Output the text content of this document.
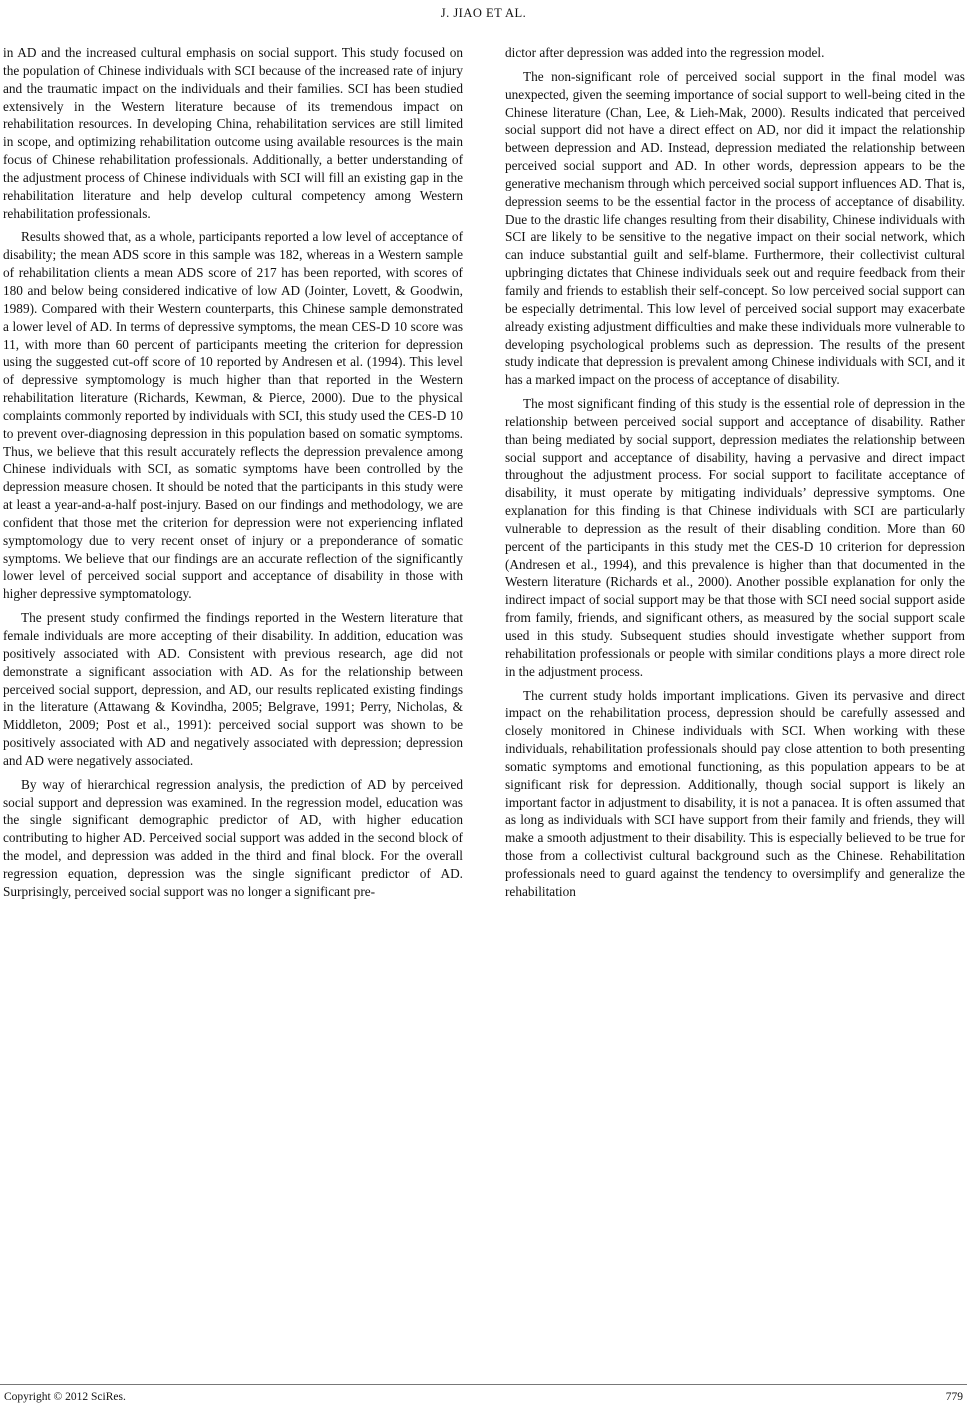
J. JIAO ET AL.

in AD and the increased cultural emphasis on social support. This study focused on the population of Chinese individuals with SCI because of the increased rate of injury and the traumatic impact on the individuals and their families. SCI has been studied extensively in the Western literature because of its tremendous impact on rehabilitation resources. In developing China, rehabilitation services are still limited in scope, and optimizing rehabilitation outcome using available resources is the main focus of Chinese rehabilitation professionals. Additionally, a better understanding of the adjustment process of Chinese individuals with SCI will fill an existing gap in the rehabilitation literature and help develop cultural competency among Western rehabilitation professionals.

Results showed that, as a whole, participants reported a low level of acceptance of disability; the mean ADS score in this sample was 182, whereas in a Western sample of rehabilitation clients a mean ADS score of 217 has been reported, with scores of 180 and below being considered indicative of low AD (Jointer, Lovett, & Goodwin, 1989). Compared with their Western counterparts, this Chinese sample demonstrated a lower level of AD. In terms of depressive symptoms, the mean CES-D 10 score was 11, with more than 60 percent of participants meeting the criterion for depression using the suggested cut-off score of 10 reported by Andresen et al. (1994). This level of depressive symptomology is much higher than that reported in the Western rehabilitation literature (Richards, Kewman, & Pierce, 2000). Due to the physical complaints commonly reported by individuals with SCI, this study used the CES-D 10 to prevent over-diagnosing depression in this population based on somatic symptoms. Thus, we believe that this result accurately reflects the depression prevalence among Chinese individuals with SCI, as somatic symptoms have been controlled by the depression measure chosen. It should be noted that the participants in this study were at least a year-and-a-half post-injury. Based on our findings and methodology, we are confident that those met the criterion for depression were not experiencing inflated symptomology due to very recent onset of injury or a preponderance of somatic symptoms. We believe that our findings are an accurate reflection of the significantly lower level of perceived social support and acceptance of disability in those with higher depressive symptomatology.

The present study confirmed the findings reported in the Western literature that female individuals are more accepting of their disability. In addition, education was positively associated with AD. Consistent with previous research, age did not demonstrate a significant association with AD. As for the relationship between perceived social support, depression, and AD, our results replicated existing findings in the literature (Attawang & Kovindha, 2005; Belgrave, 1991; Perry, Nicholas, & Middleton, 2009; Post et al., 1991): perceived social support was shown to be positively associated with AD and negatively associated with depression; depression and AD were negatively associated.

By way of hierarchical regression analysis, the prediction of AD by perceived social support and depression was examined. In the regression model, education was the single significant demographic predictor of AD, with higher education contributing to higher AD. Perceived social support was added in the second block of the model, and depression was added in the third and final block. For the overall regression equation, depression was the single significant predictor of AD. Surprisingly, perceived social support was no longer a significant pre-

dictor after depression was added into the regression model.

The non-significant role of perceived social support in the final model was unexpected, given the seeming importance of social support to well-being cited in the Chinese literature (Chan, Lee, & Lieh-Mak, 2000). Results indicated that perceived social support did not have a direct effect on AD, nor did it impact the relationship between depression and AD. Instead, depression mediated the relationship between perceived social support and AD. In other words, depression appears to be the generative mechanism through which perceived social support influences AD. That is, depression seems to be the essential factor in the process of acceptance of disability. Due to the drastic life changes resulting from their disability, Chinese individuals with SCI are likely to be sensitive to the negative impact on their social network, which can induce substantial guilt and self-blame. Furthermore, their collectivist cultural upbringing dictates that Chinese individuals seek out and require feedback from their family and friends to establish their self-concept. So low perceived social support can be especially detrimental. This low level of perceived social support may exacerbate already existing adjustment difficulties and make these individuals more vulnerable to developing psychological problems such as depression. The results of the present study indicate that depression is prevalent among Chinese individuals with SCI, and it has a marked impact on the process of acceptance of disability.

The most significant finding of this study is the essential role of depression in the relationship between perceived social support and acceptance of disability. Rather than being mediated by social support, depression mediates the relationship between social support and acceptance of disability, having a pervasive and direct impact throughout the adjustment process. For social support to facilitate acceptance of disability, it must operate by mitigating individuals’ depressive symptoms. One explanation for this finding is that Chinese individuals with SCI are particularly vulnerable to depression as the result of their disabling condition. More than 60 percent of the participants in this study met the CES-D 10 criterion for depression (Andresen et al., 1994), and this prevalence is higher than that documented in the Western literature (Richards et al., 2000). Another possible explanation for only the indirect impact of social support may be that those with SCI need social support aside from family, friends, and significant others, as measured by the social support scale used in this study. Subsequent studies should investigate whether support from rehabilitation professionals or people with similar conditions plays a more direct role in the adjustment process.

The current study holds important implications. Given its pervasive and direct impact on the rehabilitation process, depression should be carefully assessed and closely monitored in Chinese individuals with SCI. When working with these individuals, rehabilitation professionals should pay close attention to both presenting somatic symptoms and emotional functioning, as this population appears to be at significant risk for depression. Additionally, though social support is likely an important factor in adjustment to disability, it is not a panacea. It is often assumed that as long as individuals with SCI have support from their family and friends, they will make a smooth adjustment to their disability. This is especially believed to be true for those from a collectivist cultural background such as the Chinese. Rehabilitation professionals need to guard against the tendency to oversimplify and generalize the rehabilitation

Copyright © 2012 SciRes.	779
